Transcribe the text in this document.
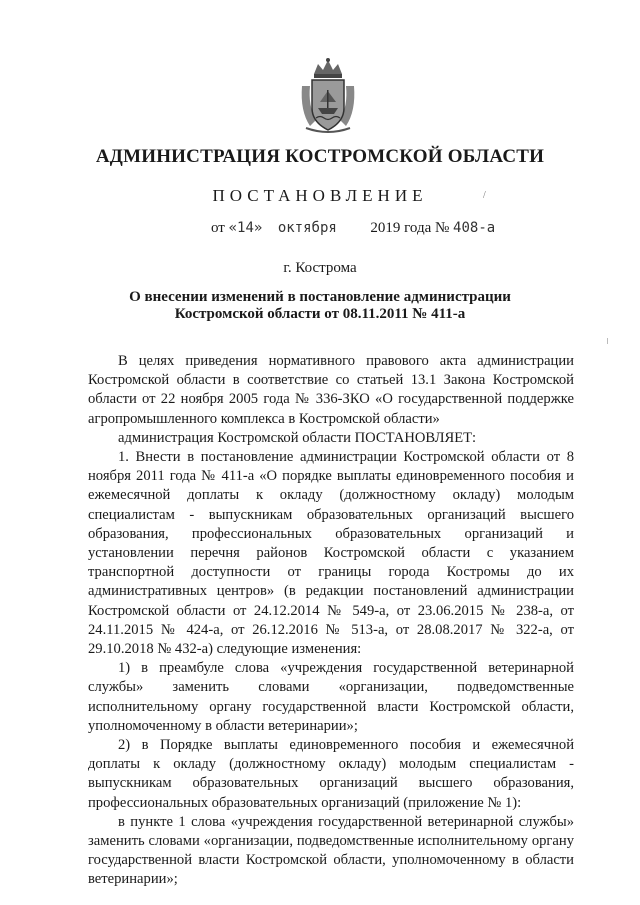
АДМИНИСТРАЦИЯ КОСТРОМСКОЙ ОБЛАСТИ
ПОСТАНОВЛЕНИЕ	/
от «14» октября 2019 года № 408-а
г. Кострома
О внесении изменений в постановление администрации
Костромской области от 08.11.2011 № 411-а

В целях приведения нормативного правового акта администрации Костромской области в соответствие со статьей 13.1 Закона Костромской области от 22 ноября 2005 года № 336-ЗКО «О государственной поддержке агропромышленного комплекса в Костромской области»

администрация Костромской области ПОСТАНОВЛЯЕТ:

1. Внести в постановление администрации Костромской области от 8 ноября 2011 года № 411-а «О порядке выплаты единовременного пособия и ежемесячной доплаты к окладу (должностному окладу) молодым специалистам - выпускникам образовательных организаций высшего образования, профессиональных образовательных организаций и установлении перечня районов Костромской области с указанием транспортной доступности от границы города Костромы до их административных центров» (в редакции постановлений администрации Костромской области от 24.12.2014 № 549-а, от 23.06.2015 № 238-а, от 24.11.2015 № 424-а, от 26.12.2016 № 513-а, от 28.08.2017 № 322-а, от 29.10.2018 № 432-а) следующие изменения:

1) в преамбуле слова «учреждения государственной ветеринарной службы» заменить словами «организации, подведомственные исполнительному органу государственной власти Костромской области, уполномоченному в области ветеринарии»;

2) в Порядке выплаты единовременного пособия и ежемесячной доплаты к окладу (должностному окладу) молодым специалистам - выпускникам образовательных организаций высшего образования, профессиональных образовательных организаций (приложение № 1):

в пункте 1 слова «учреждения государственной ветеринарной службы» заменить словами «организации, подведомственные исполнительному органу государственной власти Костромской области, уполномоченному в области ветеринарии»;
